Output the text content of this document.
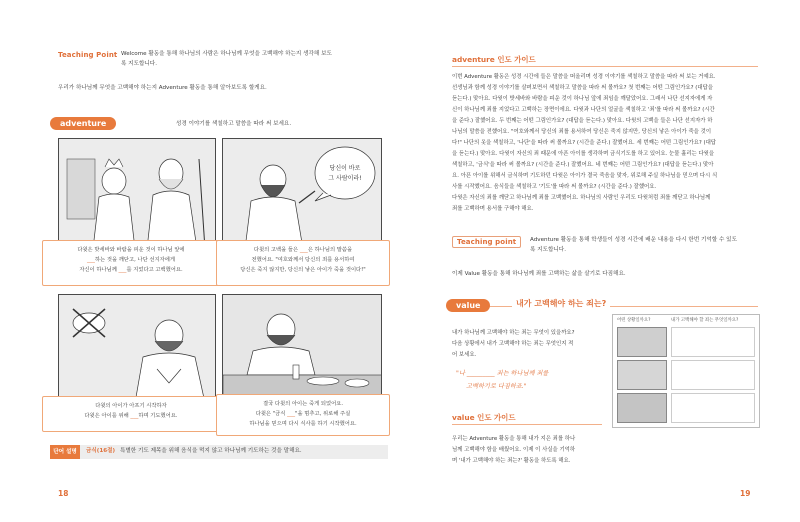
Teaching Point Welcome 활동을 통해 하나님의 사람은 하나님께 무엇을 고백해야 하는지 생각해 보도
록 지도합니다.
우리가 하나님께 무엇을 고백해야 하는지 Adventure 활동을 통해 알아보도록 할게요.
adventure	성경 이야기를 색칠하고 말씀을 따라 써 보세요.
당신이 바로
그 사람이라!
다윗은 밧세바와 바람을 피운 것이 하나님 앞에
___하는 것을 깨닫고, 나단 선지자에게
자신이 하나님께 ___를 지었다고 고백했어요.
다윗의 고백을 들은 ___은 하나님의 말씀을
전했어요. "여호와께서 당신의 죄를 용서하여
당신은 죽지 않지만, 당신의 낳은 아이가 죽을 것이다!"
다윗의 아이가 아프기 시작하자
다윗은 아이를 위해 ___하며 기도했어요.
결국 다윗의 아이는 죽게 되었어요.
다윗은 "금식 ___"을 멈추고, 위로해 주실
하나님을 믿으며 다시 식사를 하기 시작했어요.
단어 설명	금식(16절) 특별한 기도 제목을 위해 음식을 먹지 않고 하나님께 기도하는 것을 말해요.
18
adventure 인도 가이드
이번 Adventure 활동은 성경 시간에 들은 말씀을 떠올리며 성경 이야기를 색칠하고 말씀을 따라 써 보는 거예요.
선생님과 함께 성경 이야기를 살펴보면서 색칠하고 말씀을 따라 써 볼까요? 첫 번째는 어떤 그림인가요? (대답을
듣는다.) 맞아요. 다윗이 밧세바와 바람을 피운 것이 하나님 앞에 죄임을 깨달았어요. 그래서 나단 선지자에게 자
신이 하나님께 죄를 지었다고 고백하는 장면이에요. 다윗과 나단의 얼굴을 색칠하고 '죄'를 따라 써 볼까요? (시간
을 준다.) 잘했어요. 두 번째는 어떤 그림인가요? (대답을 듣는다.) 맞아요. 다윗의 고백을 들은 나단 선지자가 하
나님의 말씀을 전했어요. "여호와께서 당신의 죄를 용서하여 당신은 죽지 않지만, 당신의 낳은 아이가 죽을 것이
다!" 나단의 옷을 색칠하고, '나단'을 따라 써 볼까요? (시간을 준다.) 잘했어요. 세 번째는 어떤 그림인가요? (대답
을 듣는다.) 맞아요. 다윗이 자신의 죄 때문에 아픈 아이를 생각하며 금식기도를 하고 있어요. 눈물 흘리는 다윗을
색칠하고, '금식'을 따라 써 볼까요? (시간을 준다.) 잘했어요. 네 번째는 어떤 그림인가요? (대답을 듣는다.) 맞아
요. 아픈 아이를 위해서 금식하며 기도하던 다윗은 아이가 결국 죽음을 맞자, 위로해 주실 하나님을 믿으며 다시 식
사를 시작했어요. 음식들을 색칠하고 '기도'를 따라 써 볼까요? (시간을 준다.) 잘했어요.
다윗은 자신의 죄를 깨닫고 하나님께 죄를 고백했어요. 하나님의 사람인 우리도 다윗처럼 죄를 깨닫고 하나님께
죄를 고백하며 용서를 구해야 해요.
Teaching point	Adventure 활동을 통해 학생들이 성경 시간에 배운 내용을 다시 한번 기억할 수 있도
록 지도합니다.
이제 Value 활동을 통해 하나님께 죄를 고백하는 삶을 살기로 다짐해요.
value	내가 고백해야 하는 죄는?
내가 하나님께 고백해야 하는 죄는 무엇이 있을까요?
다음 상황에서 내가 고백해야 하는 죄는 무엇인지 적
어 보세요.
"나 _________ 죄는 하나님께 죄를
고백하기로 다짐하죠."
value 인도 가이드
우리는 Adventure 활동을 통해 내가 지은 죄를 하나
님께 고백해야 함을 배웠어요. 이제 이 사실을 기억하
며 '내가 고백해야 하는 죄는?' 활동을 하도록 해요.
어떤 상황일까요?	내가 고백해야 할 죄는 무엇일까요?
19
